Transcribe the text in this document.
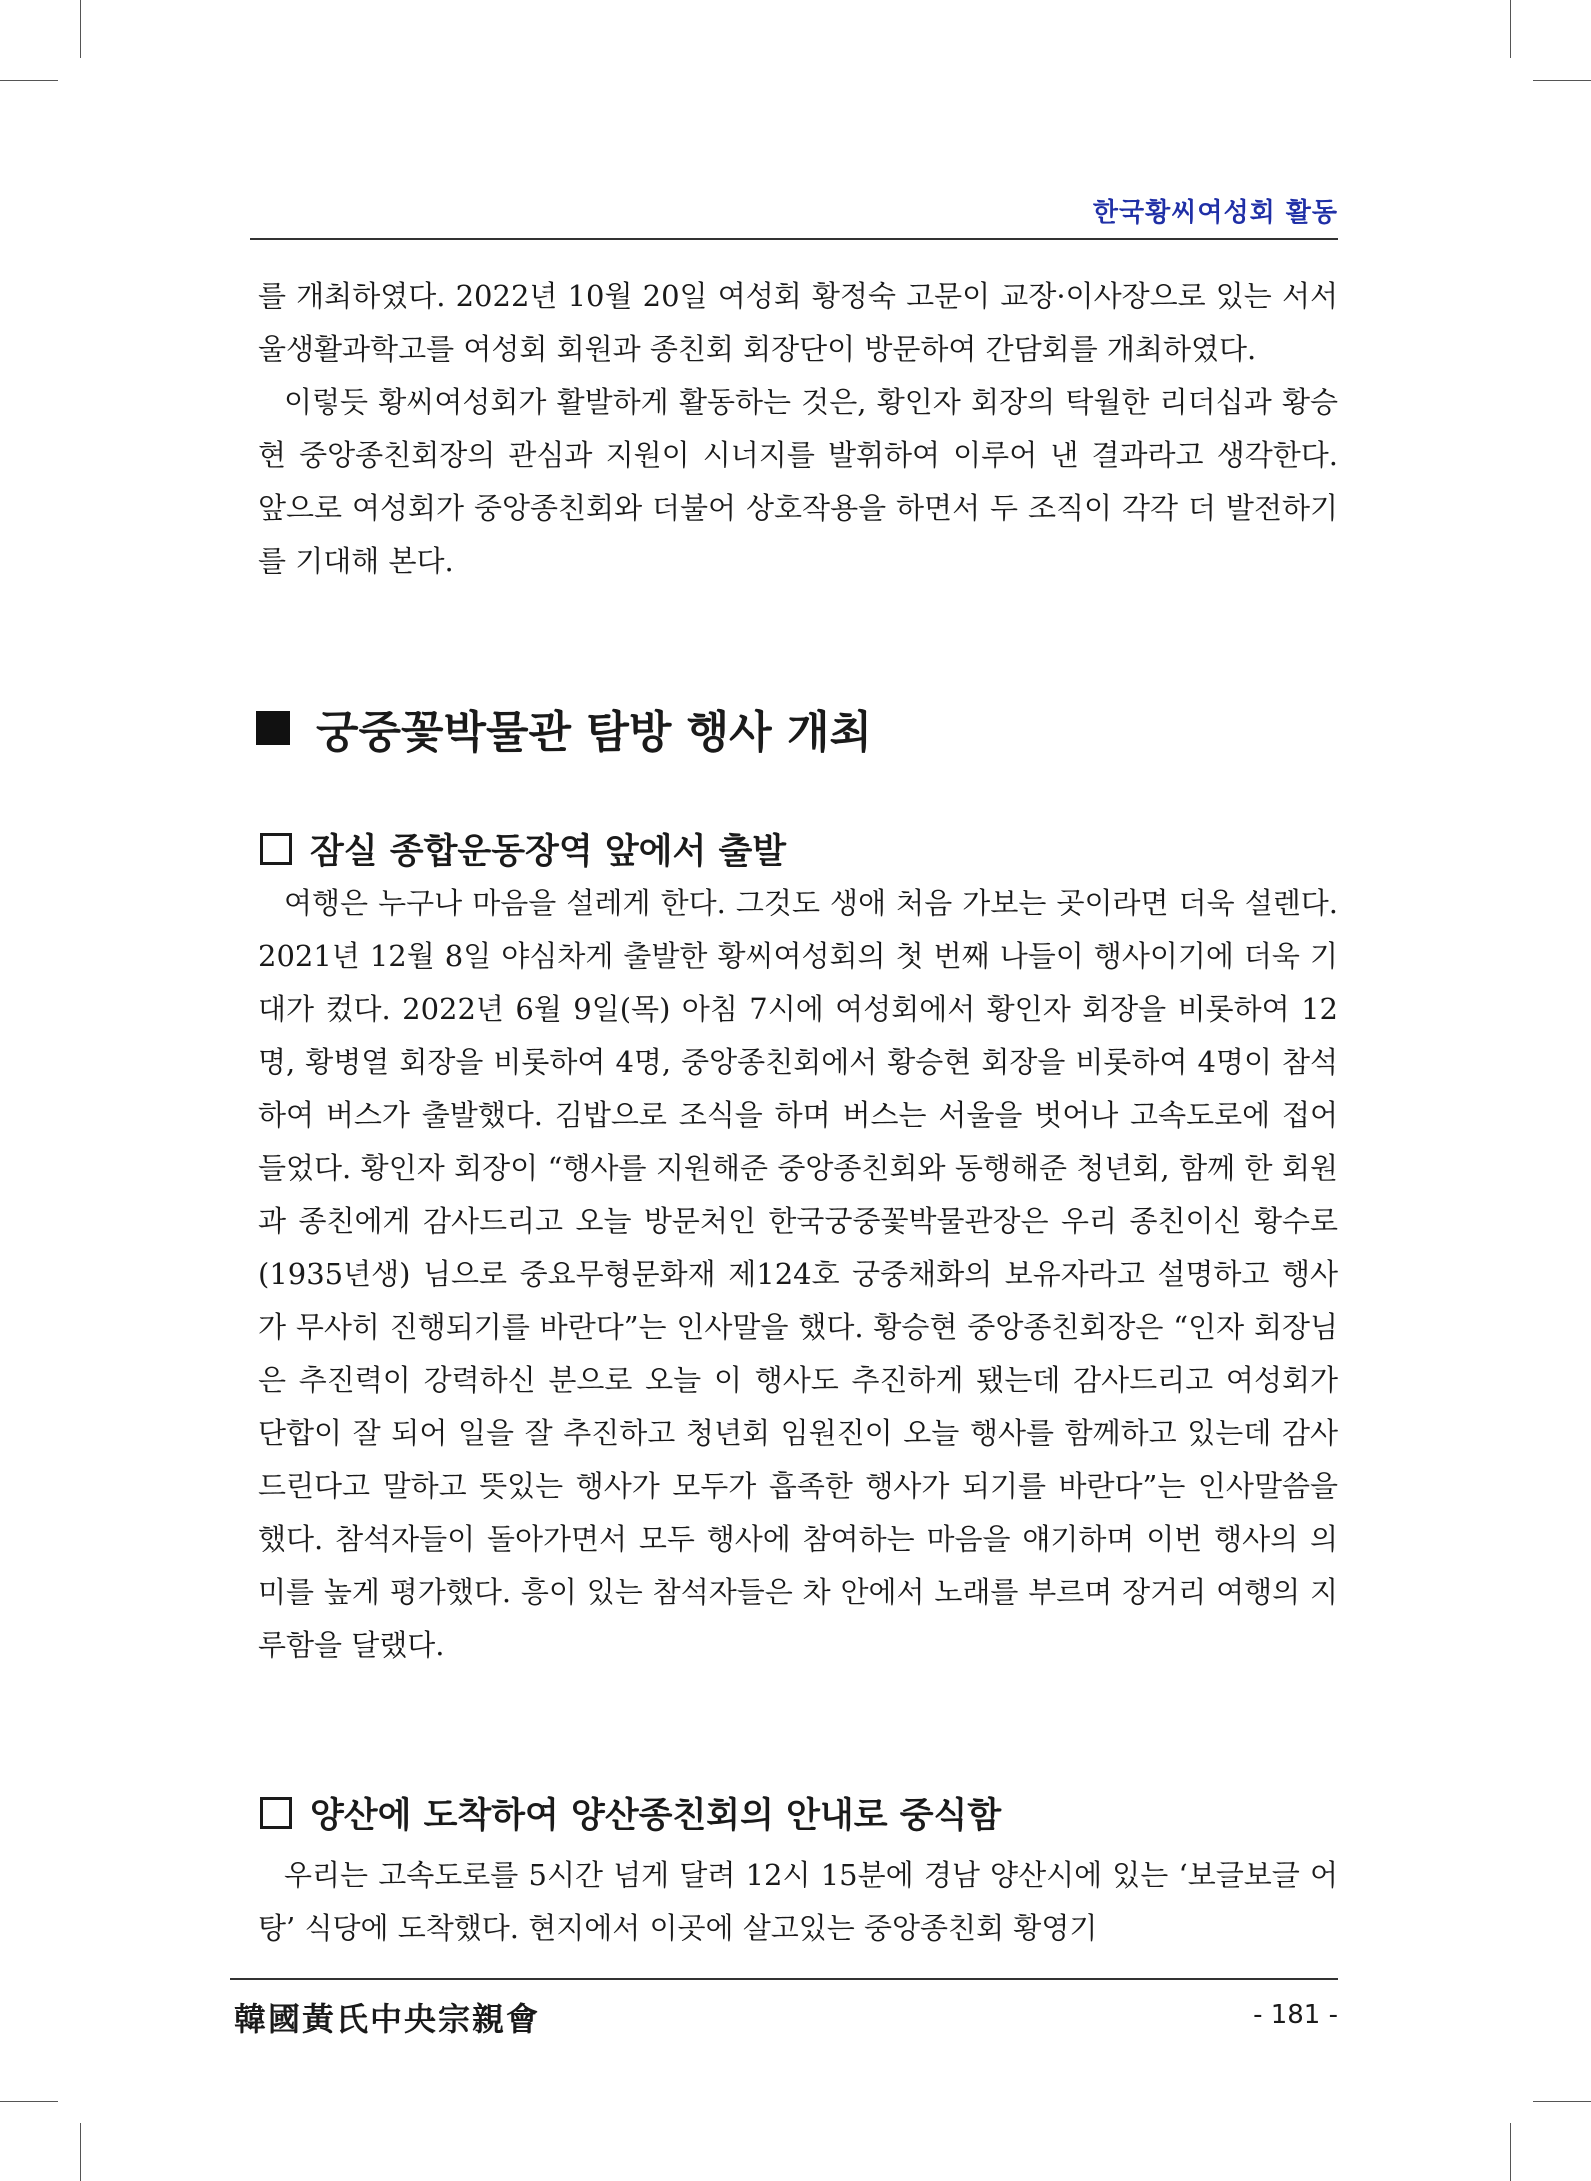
한국황씨여성회 활동

를 개최하였다. 2022년 10월 20일 여성회 황정숙 고문이 교장·이사장으로 있는 서서울생활과학고를 여성회 회원과 종친회 회장단이 방문하여 간담회를 개최하였다.

이렇듯 황씨여성회가 활발하게 활동하는 것은, 황인자 회장의 탁월한 리더십과 황승현 중앙종친회장의 관심과 지원이 시너지를 발휘하여 이루어 낸 결과라고 생각한다. 앞으로 여성회가 중앙종친회와 더불어 상호작용을 하면서 두 조직이 각각 더 발전하기를 기대해 본다.

궁중꽃박물관 탐방 행사 개최
잠실 종합운동장역 앞에서 출발

여행은 누구나 마음을 설레게 한다. 그것도 생애 처음 가보는 곳이라면 더욱 설렌다. 2021년 12월 8일 야심차게 출발한 황씨여성회의 첫 번째 나들이 행사이기에 더욱 기대가 컸다. 2022년 6월 9일(목) 아침 7시에 여성회에서 황인자 회장을 비롯하여 12명, 황병열 회장을 비롯하여 4명, 중앙종친회에서 황승현 회장을 비롯하여 4명이 참석하여 버스가 출발했다. 김밥으로 조식을 하며 버스는 서울을 벗어나 고속도로에 접어들었다. 황인자 회장이 “행사를 지원해준 중앙종친회와 동행해준 청년회, 함께 한 회원과 종친에게 감사드리고 오늘 방문처인 한국궁중꽃박물관장은 우리 종친이신 황수로(1935년생) 님으로 중요무형문화재 제124호 궁중채화의 보유자라고 설명하고 행사가 무사히 진행되기를 바란다”는 인사말을 했다. 황승현 중앙종친회장은 “인자 회장님은 추진력이 강력하신 분으로 오늘 이 행사도 추진하게 됐는데 감사드리고 여성회가 단합이 잘 되어 일을 잘 추진하고 청년회 임원진이 오늘 행사를 함께하고 있는데 감사드린다고 말하고 뜻있는 행사가 모두가 흡족한 행사가 되기를 바란다”는 인사말씀을 했다. 참석자들이 돌아가면서 모두 행사에 참여하는 마음을 얘기하며 이번 행사의 의미를 높게 평가했다. 흥이 있는 참석자들은 차 안에서 노래를 부르며 장거리 여행의 지루함을 달랬다.

양산에 도착하여 양산종친회의 안내로 중식함

우리는 고속도로를 5시간 넘게 달려 12시 15분에 경남 양산시에 있는 ‘보글보글 어탕’ 식당에 도착했다. 현지에서 이곳에 살고있는 중앙종친회 황영기

韓國黃氏中央宗親會	- 181 -
